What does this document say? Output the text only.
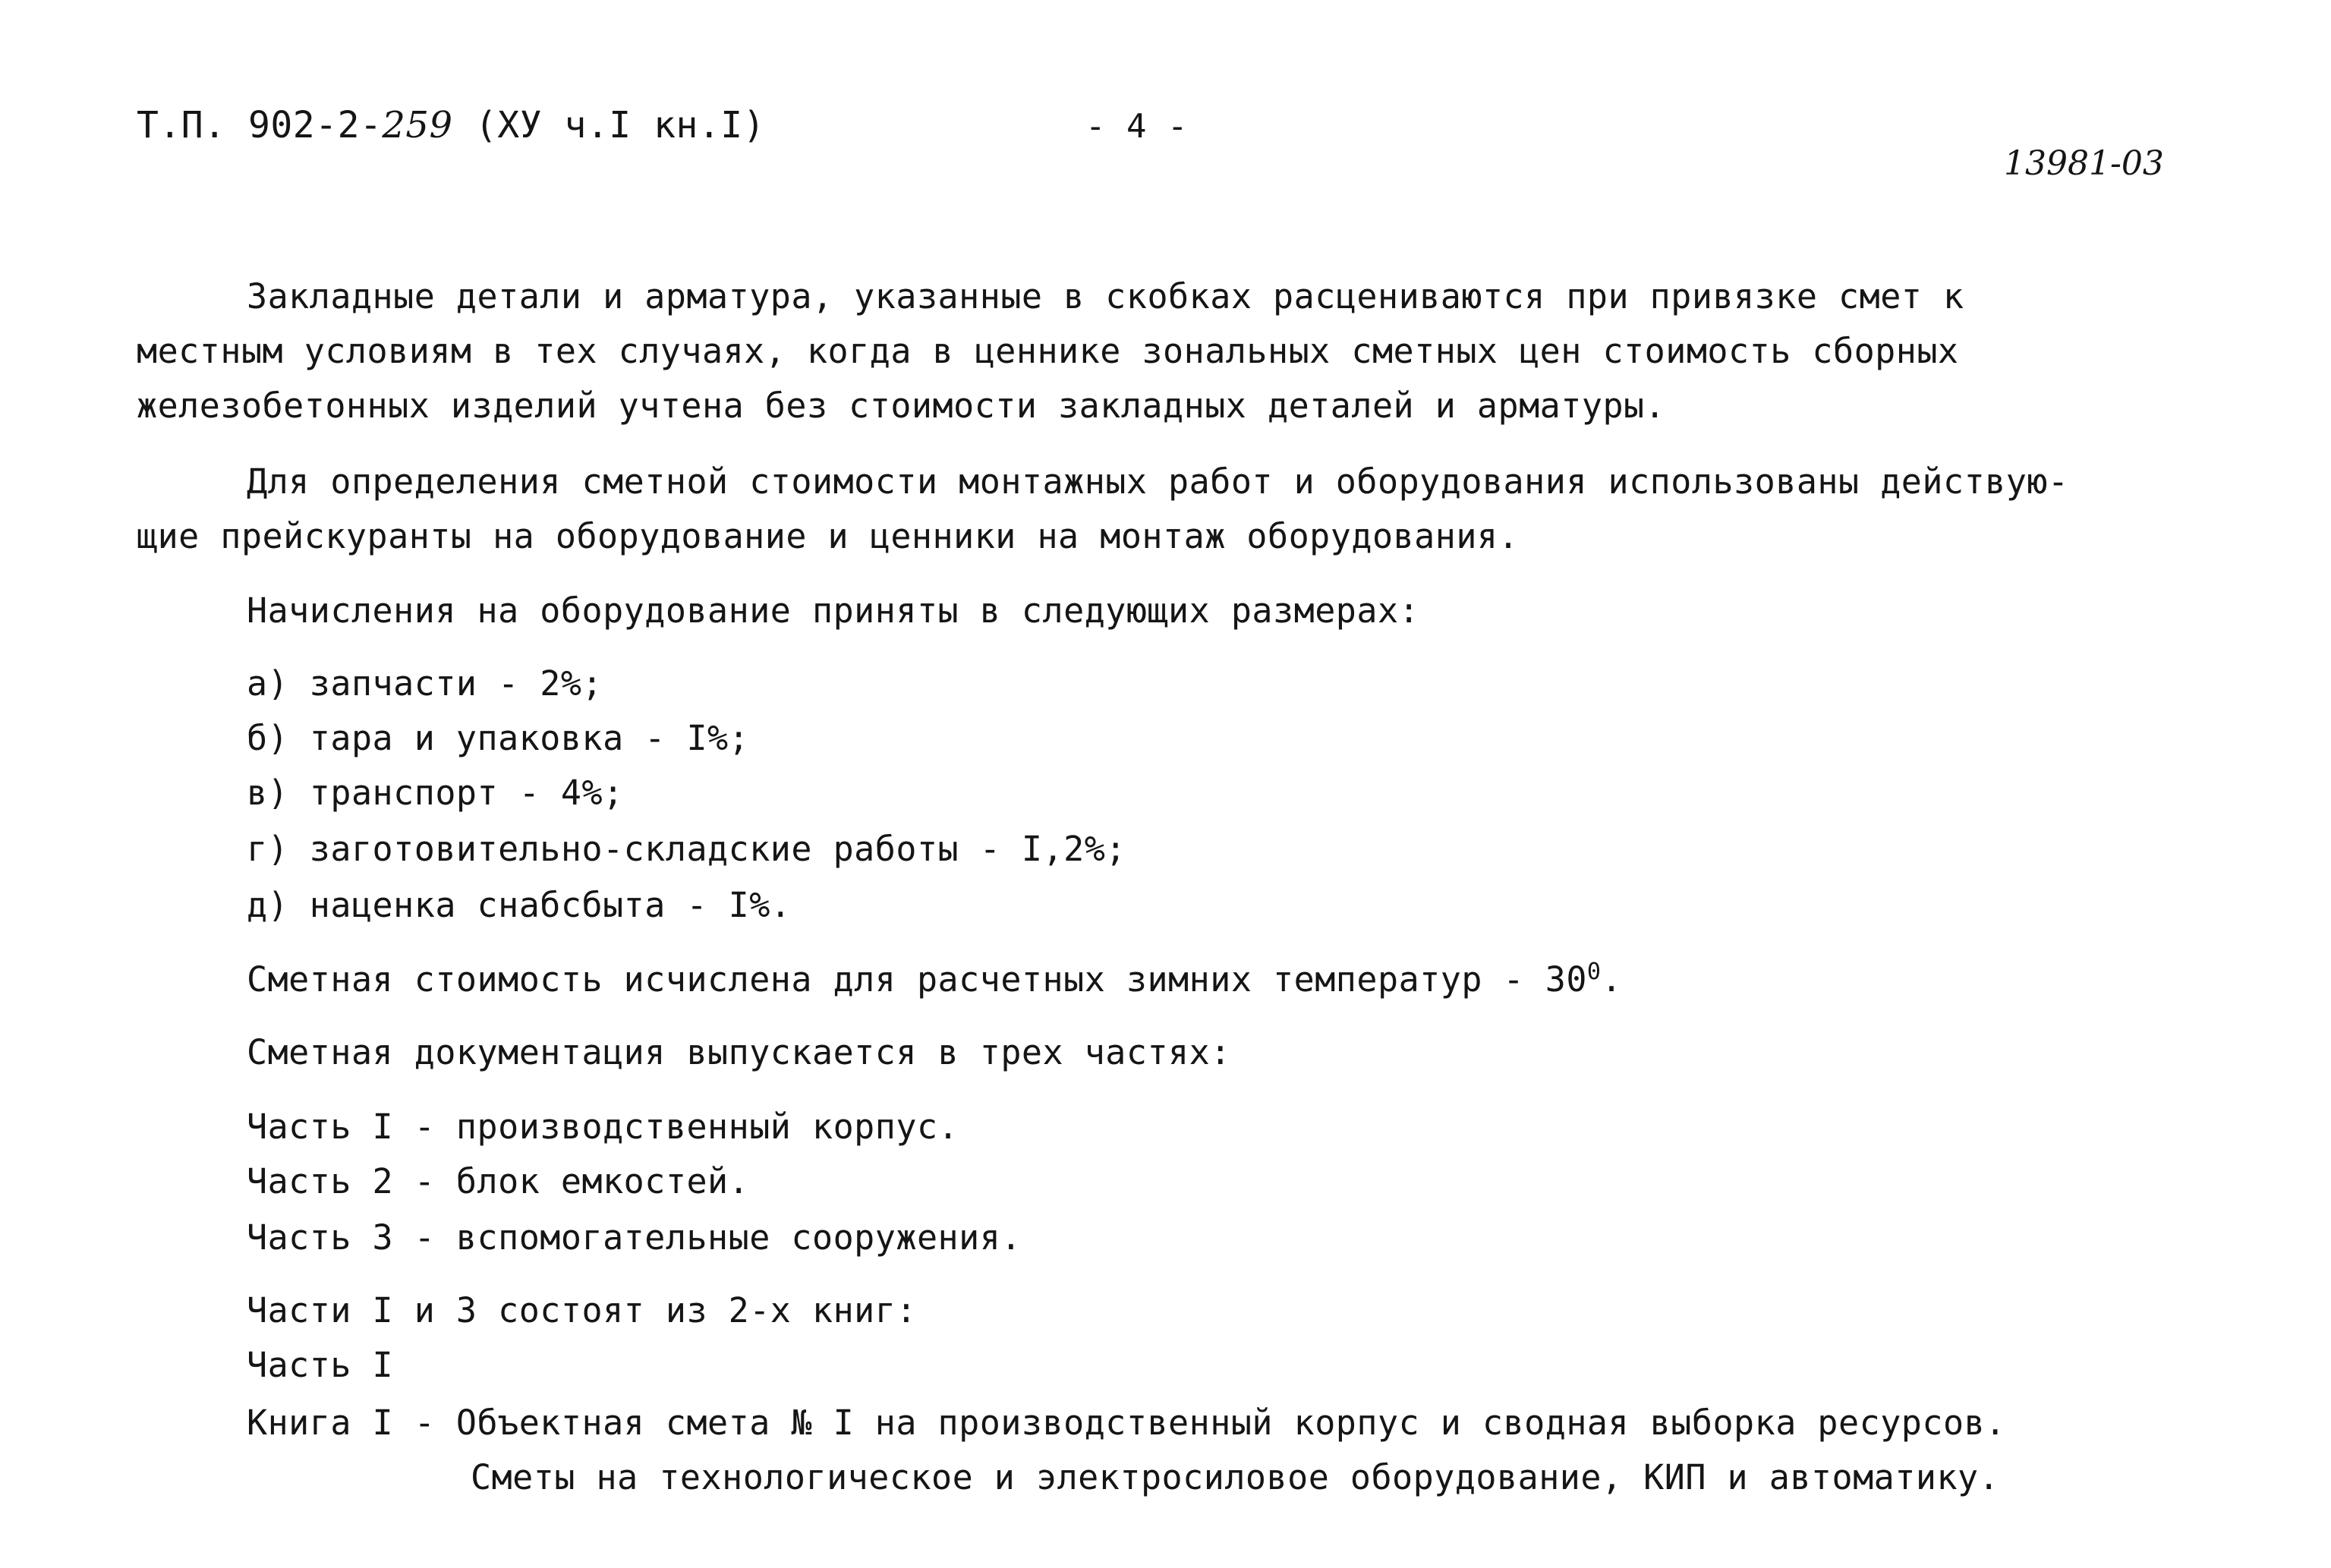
Т.П. 902-2-259 (ХУ ч.I кн.I)	- 4 -
13981-03
Закладные детали и арматура, указанные в скобках расцениваются при привязке смет к
местным условиям в тех случаях, когда в ценнике зональных сметных цен стоимость сборных
железобетонных изделий учтена без стоимости закладных деталей и арматуры.
Для определения сметной стоимости монтажных работ и оборудования использованы действую-
щие прейскуранты на оборудование и ценники на монтаж оборудования.
Начисления на оборудование приняты в следующих размерах:
а) запчасти - 2%;
б) тара и упаковка - I%;
в) транспорт - 4%;
г) заготовительно-складские работы - I,2%;
д) наценка снабсбыта - I%.
Сметная стоимость исчислена для расчетных зимних температур - $30^0$.
Сметная документация выпускается в трех частях:
Часть I - производственный корпус.
Часть 2 - блок емкостей.
Часть 3 - вспомогательные сооружения.
Части I и 3 состоят из 2-х книг:
Часть I
Книга I - Объектная смета № I на производственный корпус и сводная выборка ресурсов.
Сметы на технологическое и электросиловое оборудование, КИП и автоматику.
